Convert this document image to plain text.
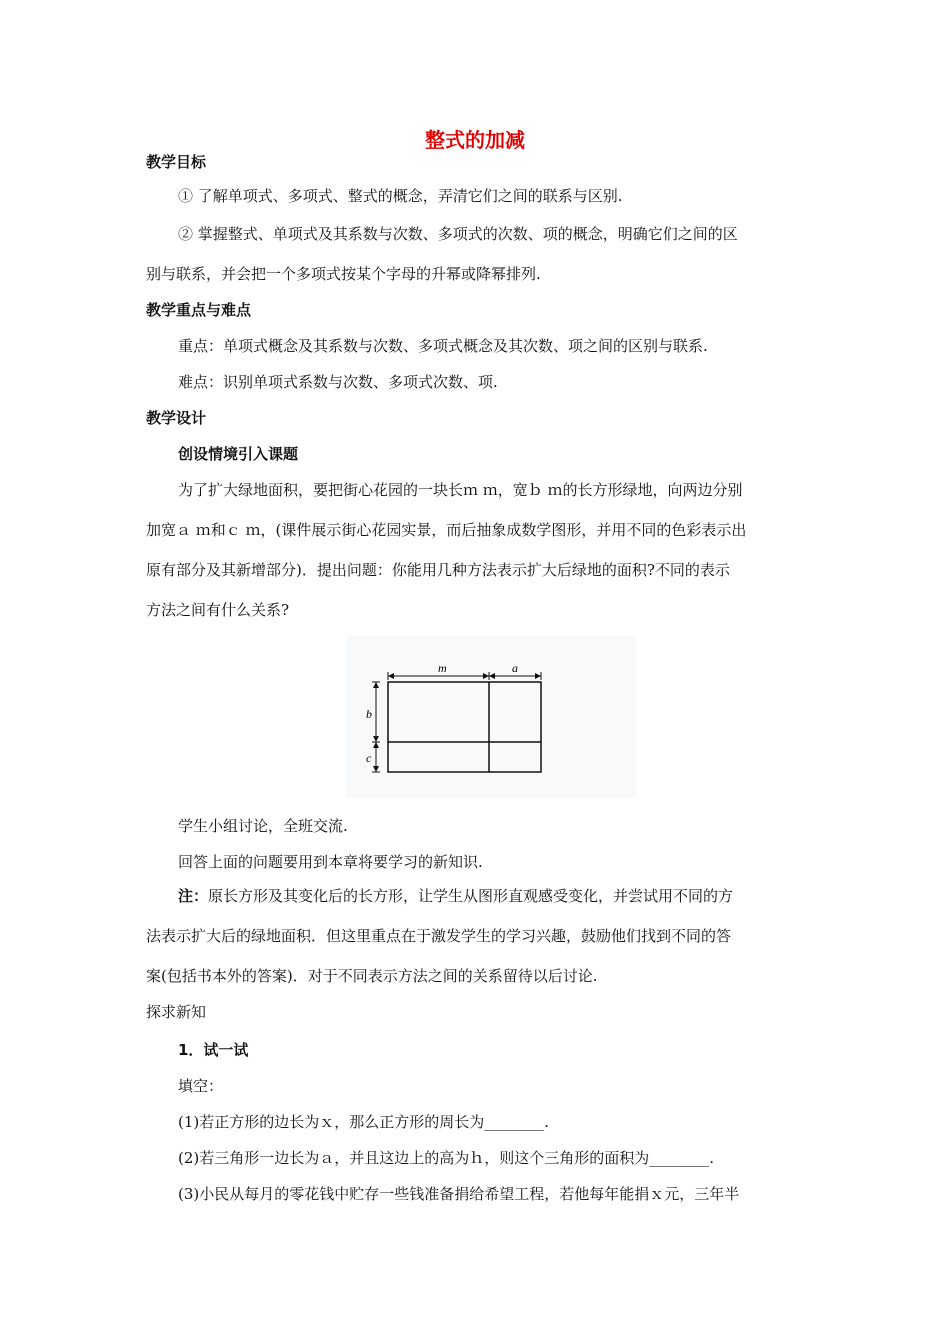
整式的加减
教学目标
① 了解单项式、多项式、整式的概念，弄清它们之间的联系与区别.
② 掌握整式、单项式及其系数与次数、多项式的次数、项的概念，明确它们之间的区
别与联系，并会把一个多项式按某个字母的升幂或降幂排列.
教学重点与难点
重点：单项式概念及其系数与次数、多项式概念及其次数、项之间的区别与联系.
难点：识别单项式系数与次数、多项式次数、项.
教学设计
创设情境引入课题
为了扩大绿地面积，要把街心花园的一块长ｍ ｍ，宽ｂ ｍ的长方形绿地，向两边分别
加宽ａ ｍ和ｃ ｍ，(课件展示街心花园实景，而后抽象成数学图形，并用不同的色彩表示出
原有部分及其新增部分)．提出问题：你能用几种方法表示扩大后绿地的面积?不同的表示
方法之间有什么关系?
m	a
b
c
学生小组讨论，全班交流.
回答上面的问题要用到本章将要学习的新知识.
注：原长方形及其变化后的长方形，让学生从图形直观感受变化，并尝试用不同的方
法表示扩大后的绿地面积．但这里重点在于激发学生的学习兴趣，鼓励他们找到不同的答
案(包括书本外的答案)．对于不同表示方法之间的关系留待以后讨论.
探求新知
1．试一试
填空：
(1)若正方形的边长为ｘ，那么正方形的周长为________.
(2)若三角形一边长为ａ，并且这边上的高为ｈ，则这个三角形的面积为________.
(3)小民从每月的零花钱中贮存一些钱准备捐给希望工程，若他每年能捐ｘ元，三年半
